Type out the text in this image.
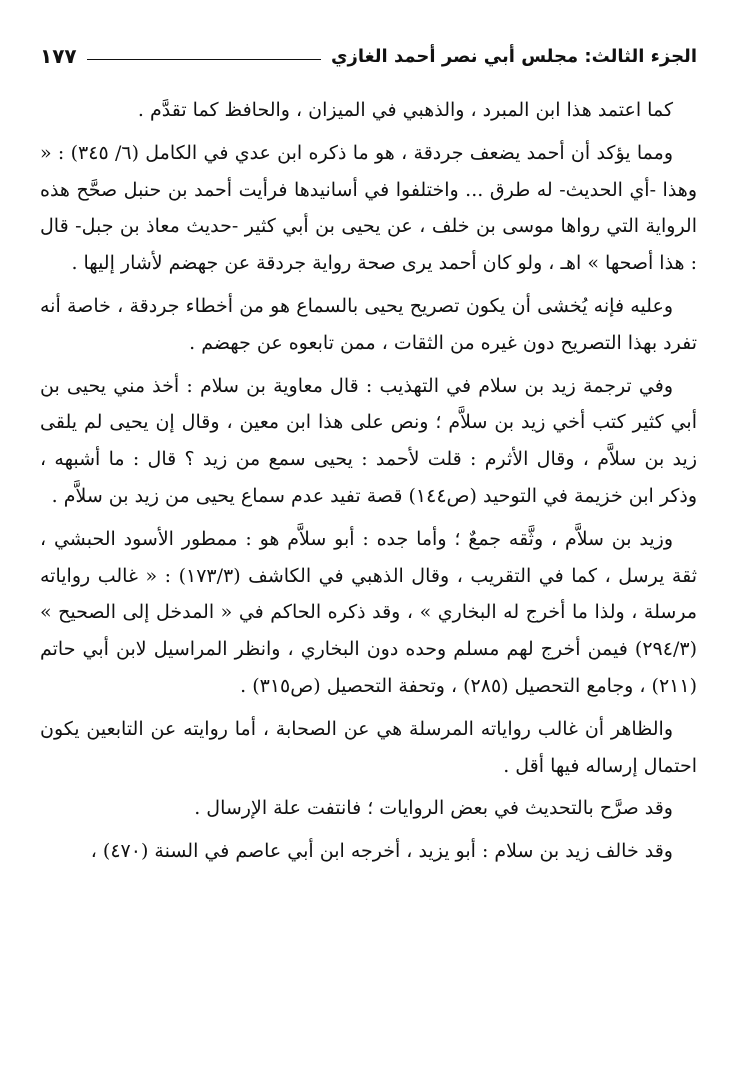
الجزء الثالث: مجلس أبي نصر أحمد الغازي
١٧٧

كما اعتمد هذا ابن المبرد ، والذهبي في الميزان ، والحافظ كما تقدَّم .

ومما يؤكد أن أحمد يضعف جردقة ، هو ما ذكره ابن عدي في الكامل (٦/ ٣٤٥) : « وهذا -أي الحديث- له طرق ... واختلفوا في أسانيدها فرأيت أحمد بن حنبل صحَّح هذه الرواية التي رواها موسى بن خلف ، عن يحيى بن أبي كثير -حديث معاذ بن جبل- قال : هذا أصحها » اهـ ، ولو كان أحمد يرى صحة رواية جردقة عن جهضم لأشار إليها .

وعليه فإنه يُخشى أن يكون تصريح يحيى بالسماع هو من أخطاء جردقة ، خاصة أنه تفرد بهذا التصريح دون غيره من الثقات ، ممن تابعوه عن جهضم .

وفي ترجمة زيد بن سلام في التهذيب : قال معاوية بن سلام : أخذ مني يحيى بن أبي كثير كتب أخي زيد بن سلاَّم ؛ ونص على هذا ابن معين ، وقال إن يحيى لم يلقى زيد بن سلاَّم ، وقال الأثرم : قلت لأحمد : يحيى سمع من زيد ؟ قال : ما أشبهه ، وذكر ابن خزيمة في التوحيد (ص١٤٤) قصة تفيد عدم سماع يحيى من زيد بن سلاَّم .

وزيد بن سلاَّم ، وثَّقه جمعٌ ؛ وأما جده : أبو سلاَّم هو : ممطور الأسود الحبشي ، ثقة يرسل ، كما في التقريب ، وقال الذهبي في الكاشف (١٧٣/٣) : « غالب رواياته مرسلة ، ولذا ما أخرج له البخاري » ، وقد ذكره الحاكم في « المدخل إلى الصحيح » (٢٩٤/٣) فيمن أخرج لهم مسلم وحده دون البخاري ، وانظر المراسيل لابن أبي حاتم (٢١١) ، وجامع التحصيل (٢٨٥) ، وتحفة التحصيل (ص٣١٥) .

والظاهر أن غالب رواياته المرسلة هي عن الصحابة ، أما روايته عن التابعين يكون احتمال إرساله فيها أقل .

وقد صرَّح بالتحديث في بعض الروايات ؛ فانتفت علة الإرسال .

وقد خالف زيد بن سلام : أبو يزيد ، أخرجه ابن أبي عاصم في السنة (٤٧٠) ،
